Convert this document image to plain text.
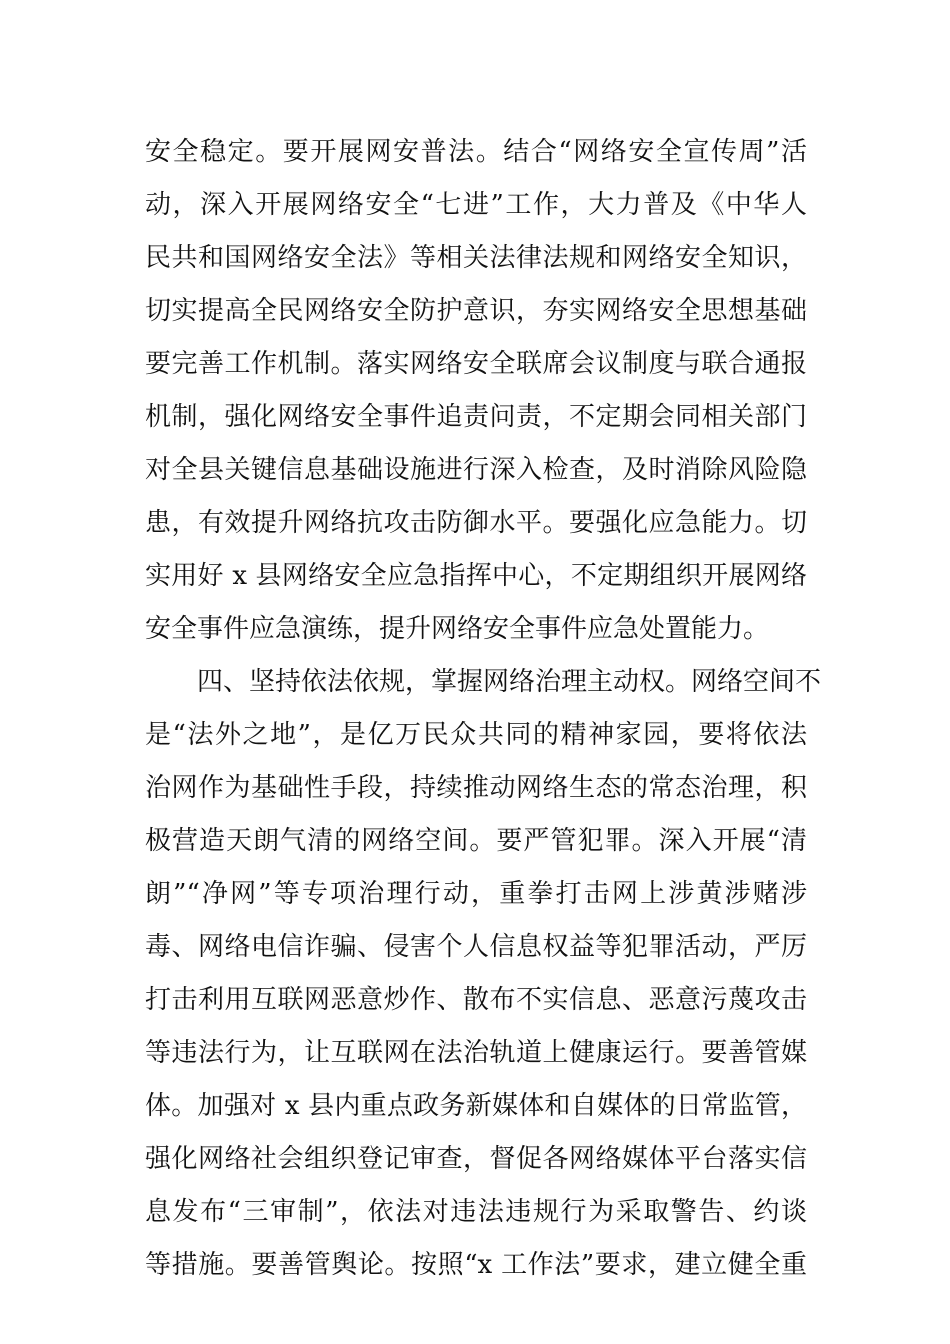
安全稳定。要开展网安普法。结合“网络安全宣传周”活

动，深入开展网络安全“七进”工作，大力普及《中华人

民共和国网络安全法》等相关法律法规和网络安全知识，

切实提高全民网络安全防护意识，夯实网络安全思想基础

要完善工作机制。落实网络安全联席会议制度与联合通报

机制，强化网络安全事件追责问责，不定期会同相关部门

对全县关键信息基础设施进行深入检查，及时消除风险隐

患，有效提升网络抗攻击防御水平。要强化应急能力。切

实用好 x 县网络安全应急指挥中心，不定期组织开展网络

安全事件应急演练，提升网络安全事件应急处置能力。

四、坚持依法依规，掌握网络治理主动权。网络空间不

是“法外之地”，是亿万民众共同的精神家园，要将依法

治网作为基础性手段，持续推动网络生态的常态治理，积

极营造天朗气清的网络空间。要严管犯罪。深入开展“清

朗”“净网”等专项治理行动，重拳打击网上涉黄涉赌涉

毒、网络电信诈骗、侵害个人信息权益等犯罪活动，严厉

打击利用互联网恶意炒作、散布不实信息、恶意污蔑攻击

等违法行为，让互联网在法治轨道上健康运行。要善管媒

体。加强对 x 县内重点政务新媒体和自媒体的日常监管，

强化网络社会组织登记审查，督促各网络媒体平台落实信

息发布“三审制”，依法对违法违规行为采取警告、约谈

等措施。要善管舆论。按照“x 工作法”要求，建立健全重
